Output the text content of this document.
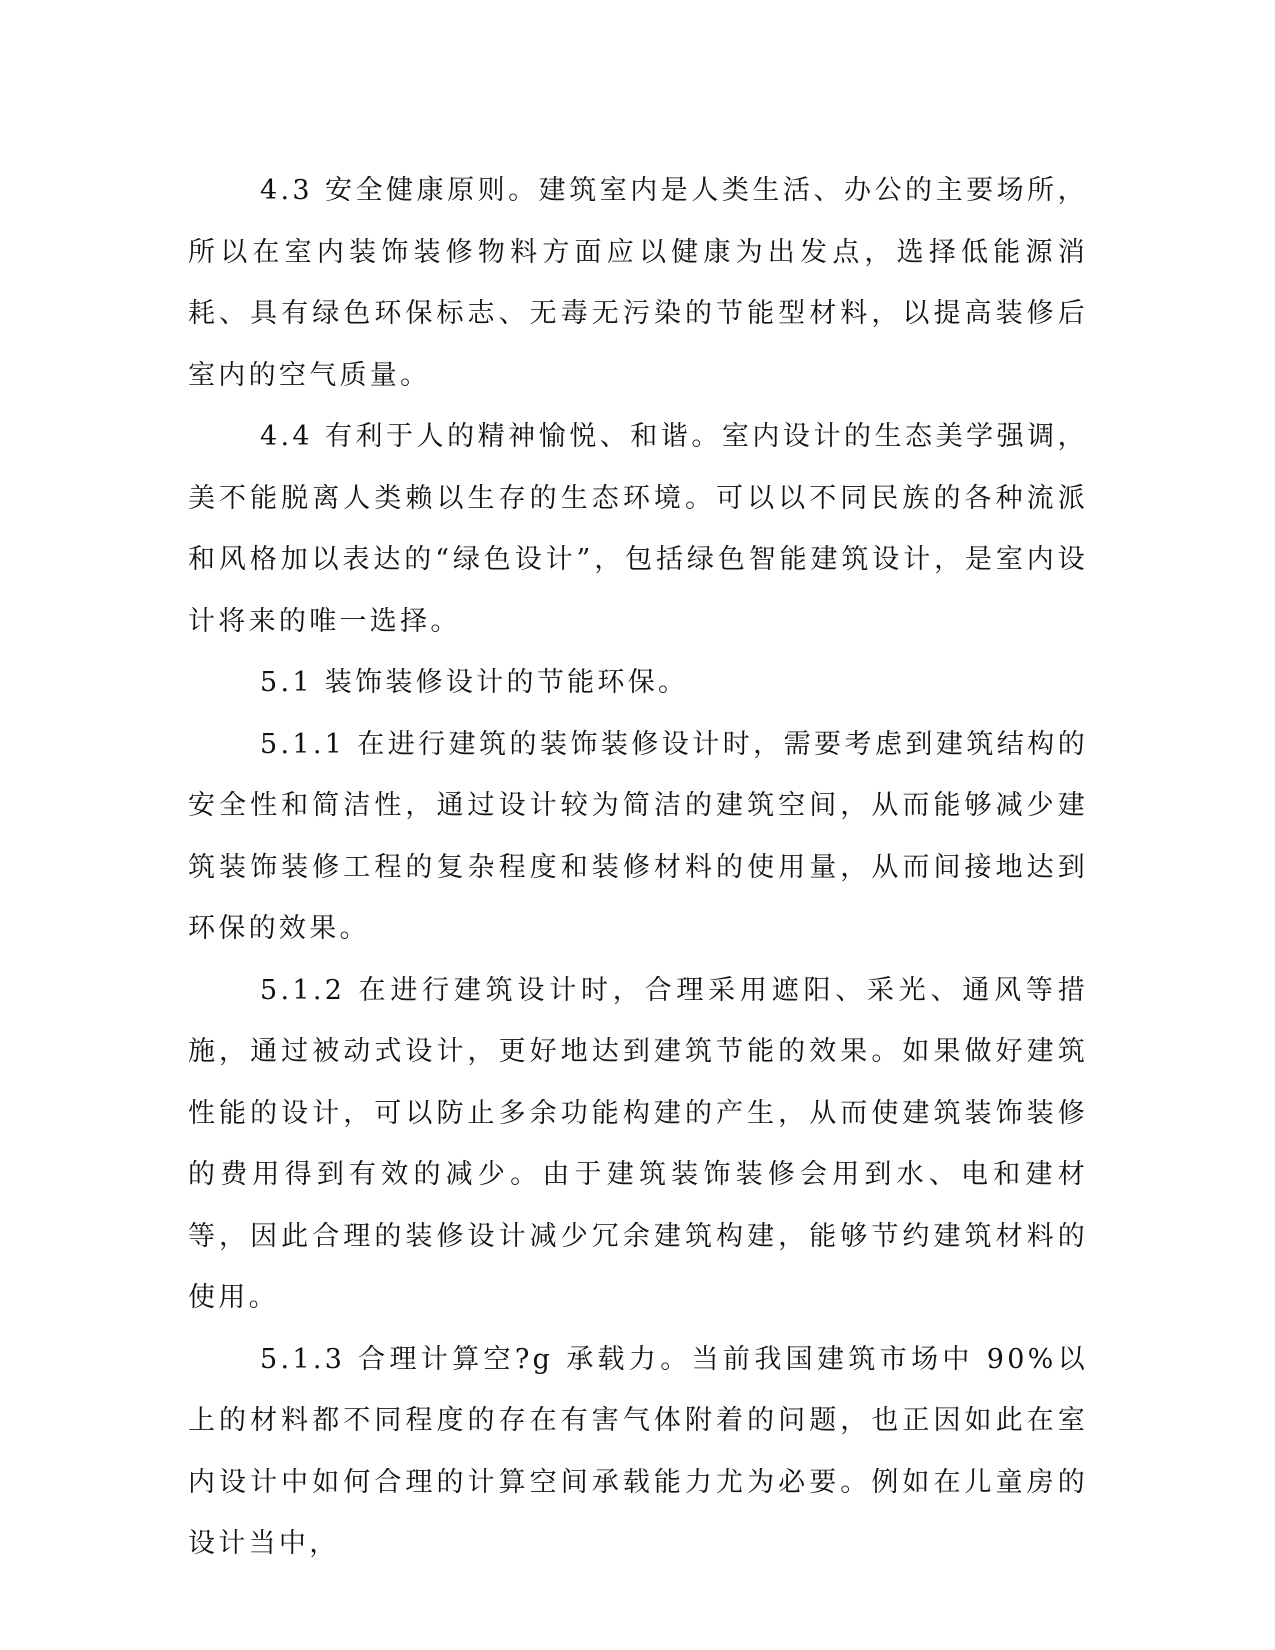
4.3 安全健康原则。建筑室内是人类生活、办公的主要场所，所以在室内装饰装修物料方面应以健康为出发点，选择低能源消耗、具有绿色环保标志、无毒无污染的节能型材料，以提高装修后室内的空气质量。

4.4 有利于人的精神愉悦、和谐。室内设计的生态美学强调，美不能脱离人类赖以生存的生态环境。可以以不同民族的各种流派和风格加以表达的“绿色设计”，包括绿色智能建筑设计，是室内设计将来的唯一选择。

5.1 装饰装修设计的节能环保。

5.1.1 在进行建筑的装饰装修设计时，需要考虑到建筑结构的安全性和简洁性，通过设计较为简洁的建筑空间，从而能够减少建筑装饰装修工程的复杂程度和装修材料的使用量，从而间接地达到环保的效果。

5.1.2 在进行建筑设计时，合理采用遮阳、采光、通风等措施，通过被动式设计，更好地达到建筑节能的效果。如果做好建筑性能的设计，可以防止多余功能构建的产生，从而使建筑装饰装修的费用得到有效的减少。由于建筑装饰装修会用到水、电和建材等，因此合理的装修设计减少冗余建筑构建，能够节约建筑材料的使用。

5.1.3 合理计算空?g 承载力。当前我国建筑市场中 90%以上的材料都不同程度的存在有害气体附着的问题，也正因如此在室内设计中如何合理的计算空间承载能力尤为必要。例如在儿童房的设计当中，
